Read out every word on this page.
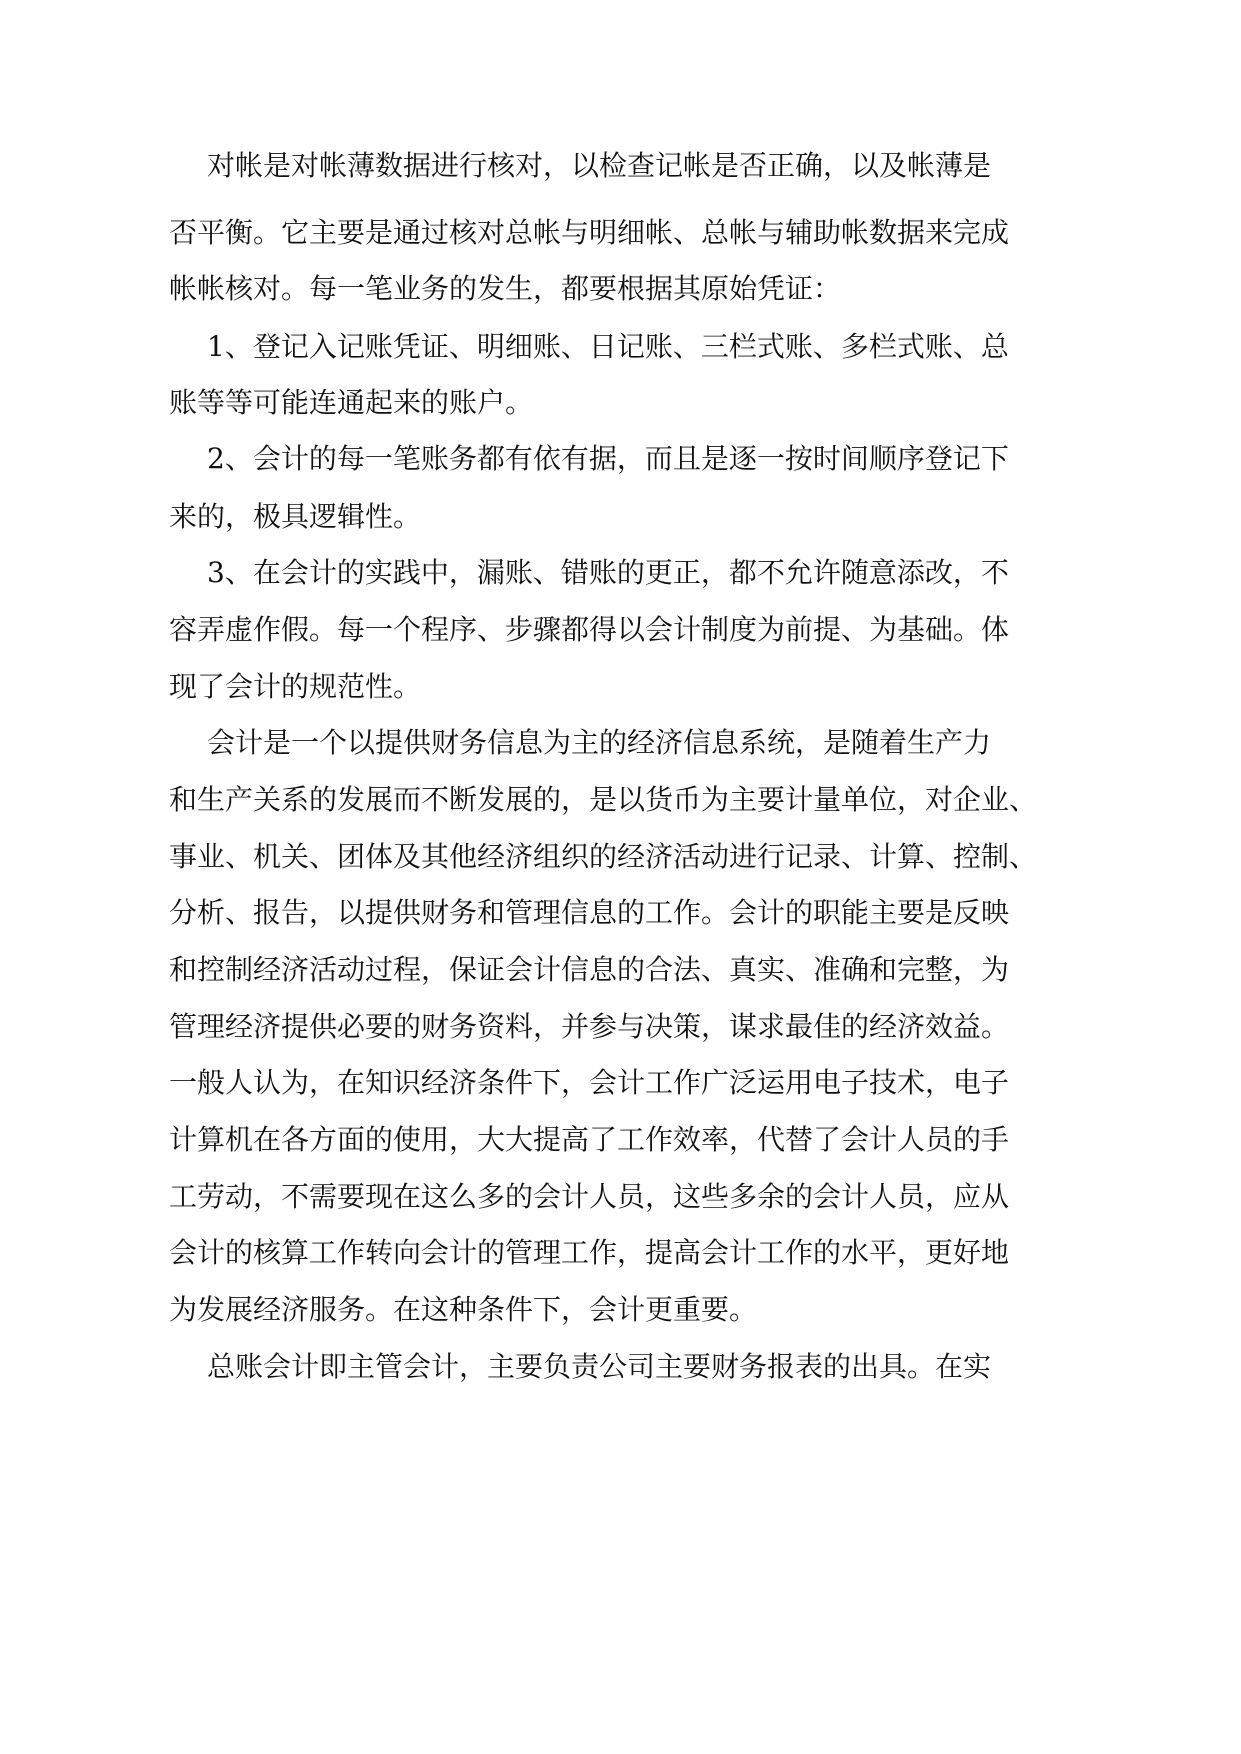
对帐是对帐薄数据进行核对，以检查记帐是否正确，以及帐薄是
否平衡。它主要是通过核对总帐与明细帐、总帐与辅助帐数据来完成
帐帐核对。每一笔业务的发生，都要根据其原始凭证：
1、登记入记账凭证、明细账、日记账、三栏式账、多栏式账、总
账等等可能连通起来的账户。
2、会计的每一笔账务都有依有据，而且是逐一按时间顺序登记下
来的，极具逻辑性。
3、在会计的实践中，漏账、错账的更正，都不允许随意添改，不
容弄虚作假。每一个程序、步骤都得以会计制度为前提、为基础。体
现了会计的规范性。
会计是一个以提供财务信息为主的经济信息系统，是随着生产力
和生产关系的发展而不断发展的，是以货币为主要计量单位，对企业、
事业、机关、团体及其他经济组织的经济活动进行记录、计算、控制、
分析、报告，以提供财务和管理信息的工作。会计的职能主要是反映
和控制经济活动过程，保证会计信息的合法、真实、准确和完整，为
管理经济提供必要的财务资料，并参与决策，谋求最佳的经济效益。
一般人认为，在知识经济条件下，会计工作广泛运用电子技术，电子
计算机在各方面的使用，大大提高了工作效率，代替了会计人员的手
工劳动，不需要现在这么多的会计人员，这些多余的会计人员，应从
会计的核算工作转向会计的管理工作，提高会计工作的水平，更好地
为发展经济服务。在这种条件下，会计更重要。
总账会计即主管会计，主要负责公司主要财务报表的出具。在实
